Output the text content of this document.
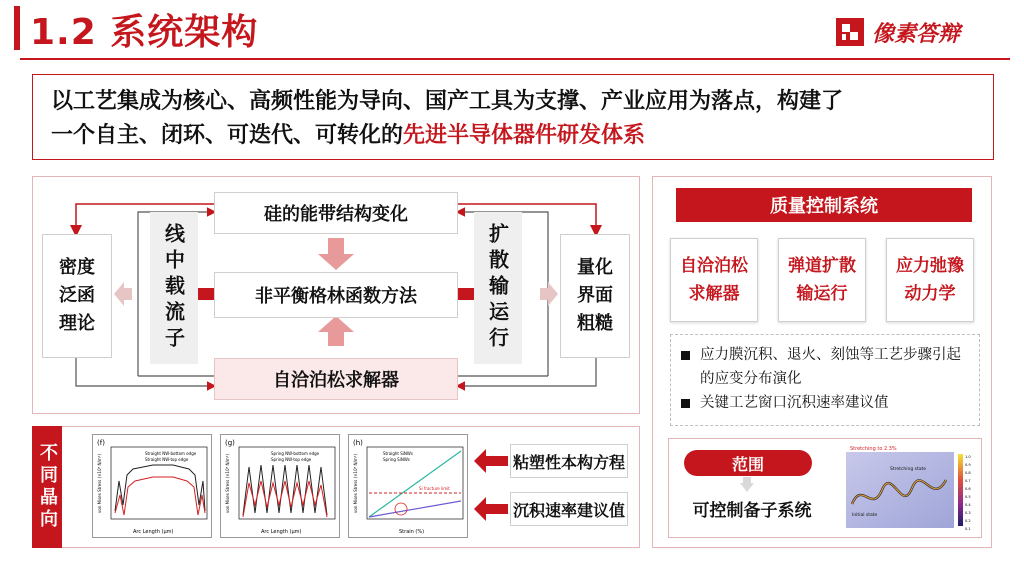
1.2 系统架构	像素答辩

以工艺集成为核心、高频性能为导向、国产工具为支撑、产业应用为落点，构建了

一个自主、闭环、可迭代、可转化的先进半导体器件研发体系

硅的能带结构变化
非平衡格林函数方法
自洽泊松求解器
线中载流子	扩散输运行
密度泛函理论
量化界面粗糙
不同晶向	(f)
Straight NW-bottom edge
Straight NW-top edge
Arc Length (μm)
von Mises Stress (×10⁸ N/m²)
(g)
Spring NW-bottom edge
Spring NW-top edge
Arc Length (μm)
von Mises Stress (×10⁸ N/m²)
(h)
Straight SiNWs
Spring SiNWs
Si fracture limit
Strain (%)
von Mises Stress (×10⁸ N/m²)	粘塑性本构方程
沉积速率建议值
质量控制系统
自洽泊松求解器
弹道扩散输运行
应力弛豫动力学
应力膜沉积、退火、刻蚀等工艺步骤引起的应变分布演化
关键工艺窗口沉积速率建议值
范围
可控制备子系统
Stretching to 2.3%
Stretching state
Initial state
1.0
0.9
0.8
0.7
0.6
0.5
0.4
0.3
0.2
0.1
